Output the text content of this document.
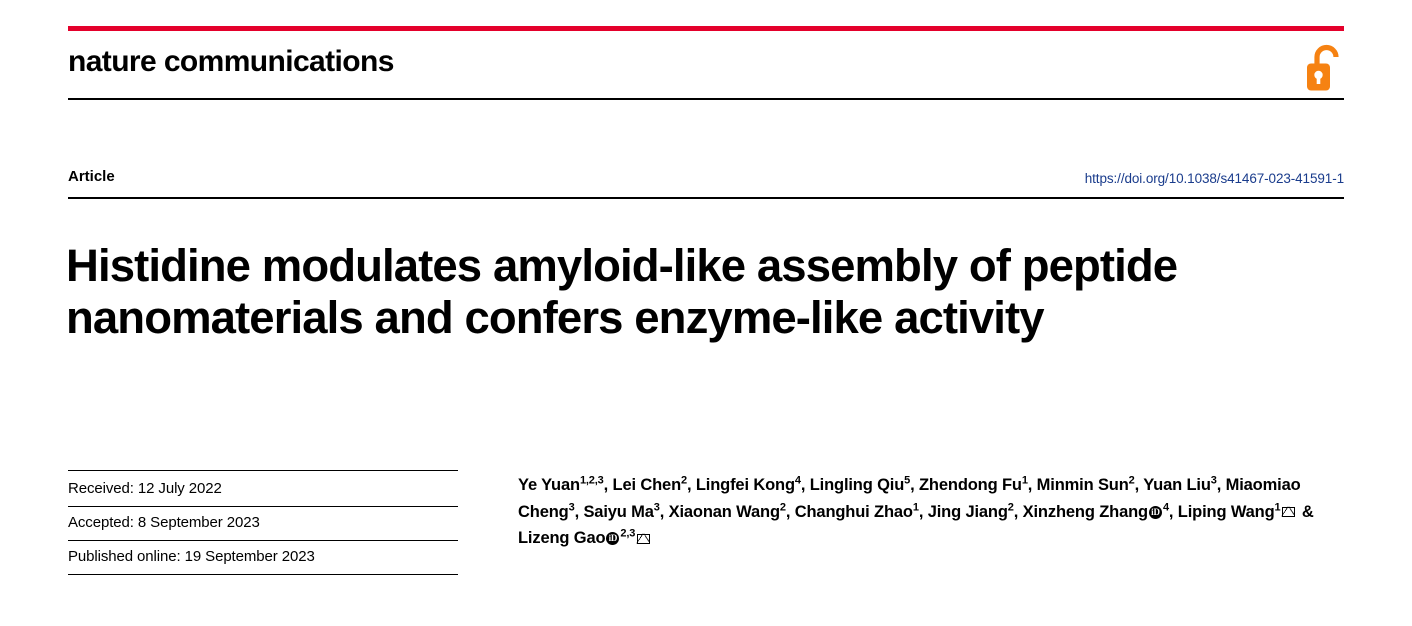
nature communications
Article	https://doi.org/10.1038/s41467-023-41591-1
Histidine modulates amyloid-like assembly of peptide nanomaterials and confers enzyme-like activity
Received: 12 July 2022
Accepted: 8 September 2023
Published online: 19 September 2023
Ye Yuan$^{1,2,3}$, Lei Chen$^2$, Lingfei Kong$^4$, Lingling Qiu$^5$, Zhendong Fu$^1$, Minmin Sun$^2$, Yuan Liu$^3$, Miaomiao Cheng$^3$, Saiyu Ma$^3$, Xiaonan Wang$^2$, Changhui Zhao$^1$, Jing Jiang$^2$, Xinzheng Zhang iD $^4$, Liping Wang$^1$ & Lizeng Gao iD $^{2,3}$
